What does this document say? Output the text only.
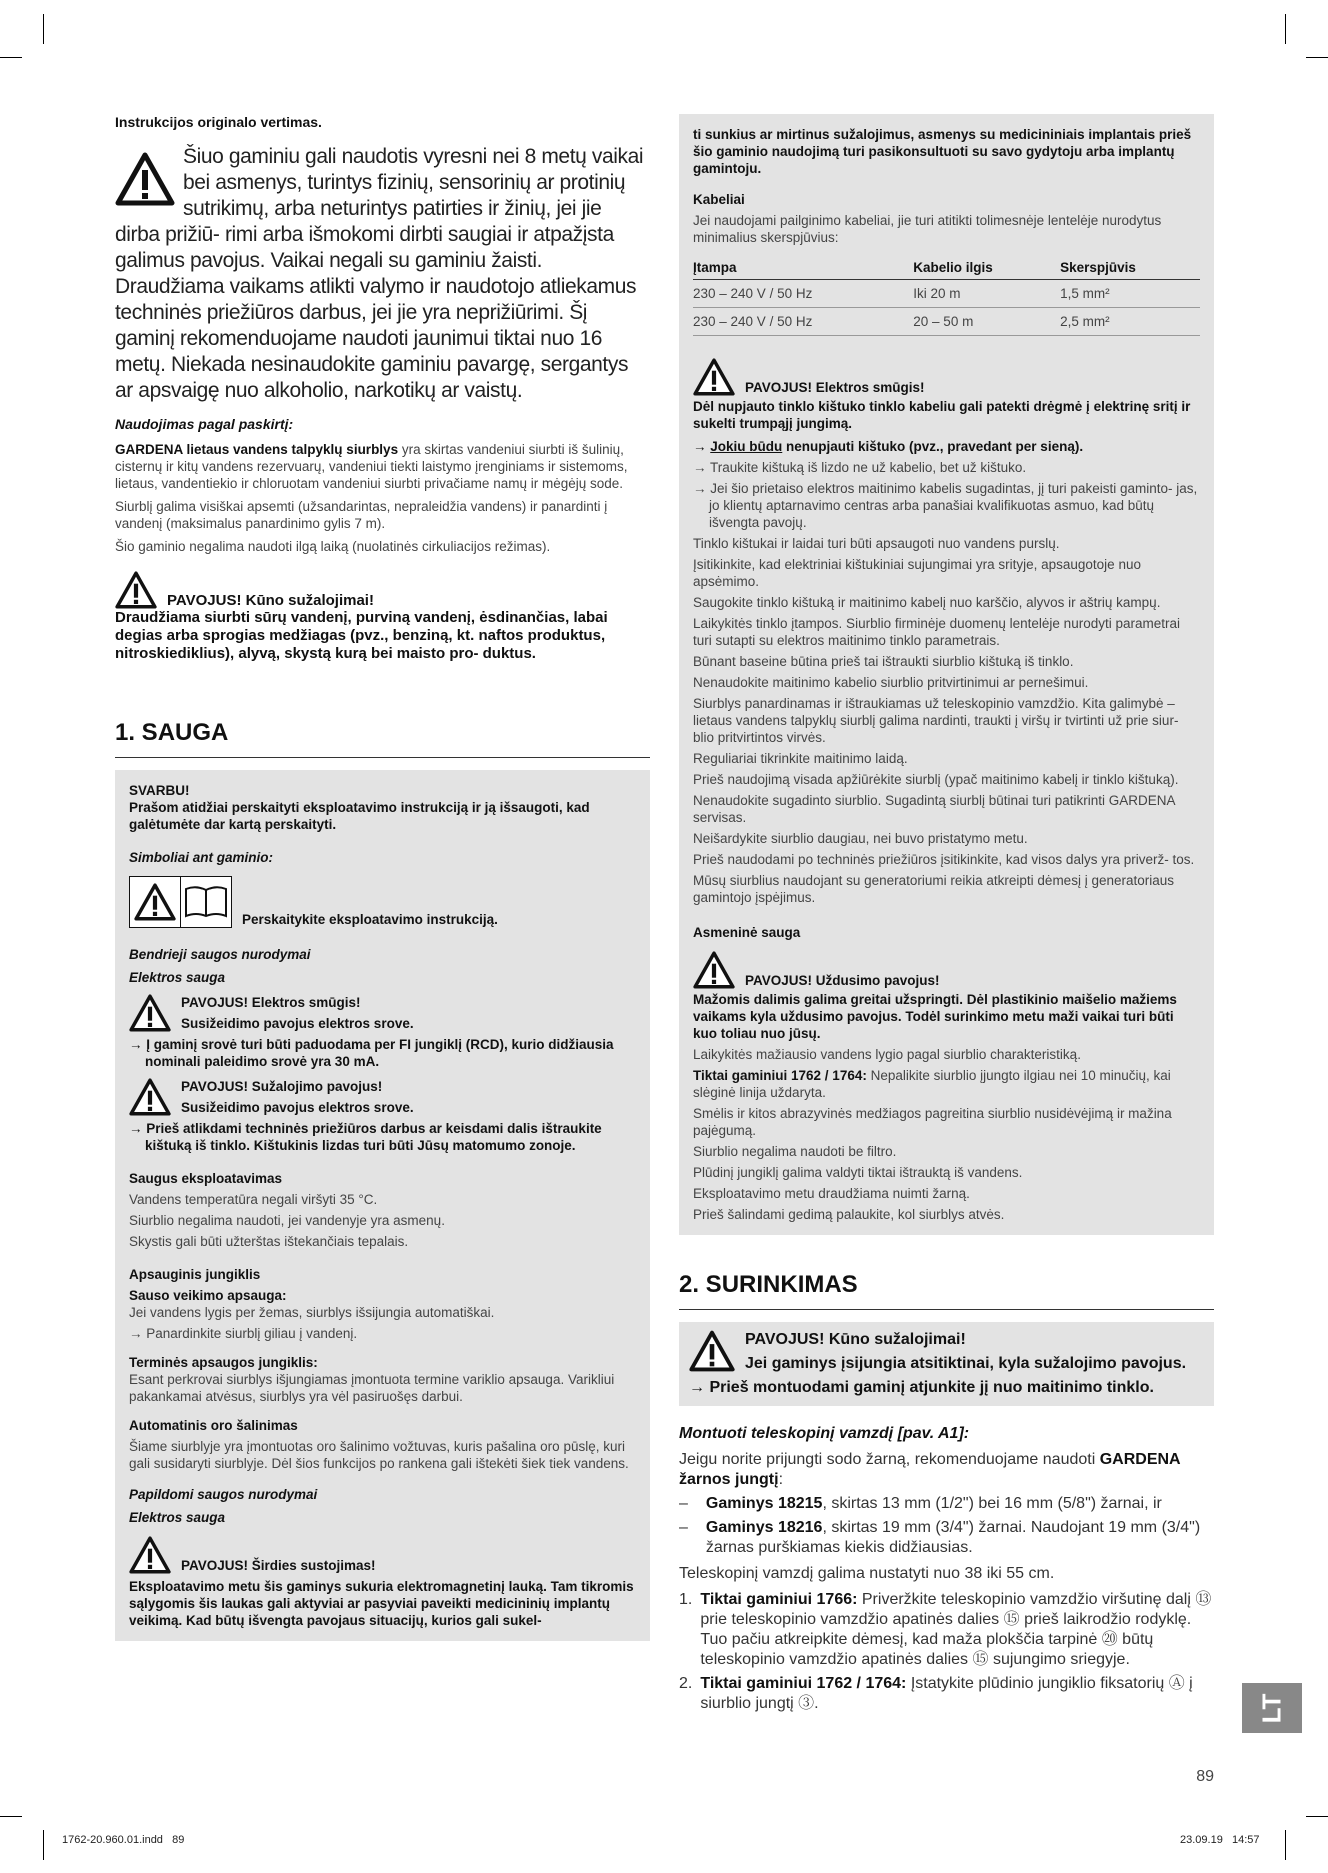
Instrukcijos originalo vertimas.

Šiuo gaminiu gali naudotis vyresni nei 8 metų vaikai bei asmenys, turintys fizinių, sensorinių ar protinių sutrikimų, arba neturintys patirties ir žinių, jei jie dirba prižiū- rimi arba išmokomi dirbti saugiai ir atpažįsta galimus pavojus. Vaikai negali su gaminiu žaisti. Draudžiama vaikams atlikti valymo ir naudotojo atliekamus techninės priežiūros darbus, jei jie yra neprižiūrimi. Šį gaminį rekomenduojame naudoti jaunimui tiktai nuo 16 metų. Niekada nesinaudokite gaminiu pavargę, sergantys ar apsvaigę nuo alkoholio, narkotikų ar vaistų.

Naudojimas pagal paskirtį:

GARDENA lietaus vandens talpyklų siurblys yra skirtas vandeniui siurbti iš šulinių, cisternų ir kitų vandens rezervuarų, vandeniui tiekti laistymo įrenginiams ir sistemoms, lietaus, vandentiekio ir chloruotam vandeniui siurbti privačiame namų ir mėgėjų sode.

Siurblį galima visiškai apsemti (užsandarintas, nepraleidžia vandens) ir panardinti į vandenį (maksimalus panardinimo gylis 7 m).

Šio gaminio negalima naudoti ilgą laiką (nuolatinės cirkuliacijos režimas).

PAVOJUS! Kūno sužalojimai!

Draudžiama siurbti sūrų vandenį, purviną vandenį, ėsdinančias, labai degias arba sprogias medžiagas (pvz., benziną, kt. naftos produktus, nitroskiediklius), alyvą, skystą kurą bei maisto pro- duktus.

1. SAUGA

SVARBU!

Prašom atidžiai perskaityti eksploatavimo instrukciją ir ją išsaugoti, kad galėtumėte dar kartą perskaityti.

Simboliai ant gaminio:

Perskaitykite eksploatavimo instrukciją.

Bendrieji saugos nurodymai

Elektros sauga

PAVOJUS! Elektros smūgis!

Susižeidimo pavojus elektros srove.

→ Į gaminį srovė turi būti paduodama per FI jungiklį (RCD), kurio didžiausia nominali paleidimo srovė yra 30 mA.

PAVOJUS! Sužalojimo pavojus!

Susižeidimo pavojus elektros srove.

→ Prieš atlikdami techninės priežiūros darbus ar keisdami dalis ištraukite kištuką iš tinklo. Kištukinis lizdas turi būti Jūsų matomumo zonoje.

Saugus eksploatavimas

Vandens temperatūra negali viršyti 35 °C.

Siurblio negalima naudoti, jei vandenyje yra asmenų.

Skystis gali būti užterštas ištekančiais tepalais.

Apsauginis jungiklis

Sauso veikimo apsauga:

Jei vandens lygis per žemas, siurblys išsijungia automatiškai.

→ Panardinkite siurblį giliau į vandenį.

Terminės apsaugos jungiklis:

Esant perkrovai siurblys išjungiamas įmontuota termine variklio apsauga. Varikliui pakankamai atvėsus, siurblys yra vėl pasiruošęs darbui.

Automatinis oro šalinimas

Šiame siurblyje yra įmontuotas oro šalinimo vožtuvas, kuris pašalina oro pūslę, kuri gali susidaryti siurblyje. Dėl šios funkcijos po rankena gali ištekėti šiek tiek vandens.

Papildomi saugos nurodymai

Elektros sauga

PAVOJUS! Širdies sustojimas!

Eksploatavimo metu šis gaminys sukuria elektromagnetinį lauką. Tam tikromis sąlygomis šis laukas gali aktyviai ar pasyviai paveikti medicininių implantų veikimą. Kad būtų išvengta pavojaus situacijų, kurios gali sukel-

ti sunkius ar mirtinus sužalojimus, asmenys su medicininiais implantais prieš šio gaminio naudojimą turi pasikonsultuoti su savo gydytoju arba implantų gamintoju.

Kabeliai

Jei naudojami pailginimo kabeliai, jie turi atitikti tolimesnėje lentelėje nurodytus minimalius skerspjūvius:

Įtampa	Kabelio ilgis	Skerspjūvis
230 – 240 V / 50 Hz	Iki 20 m	1,5 mm²
230 – 240 V / 50 Hz	20 – 50 m	2,5 mm²

PAVOJUS! Elektros smūgis!

Dėl nupjauto tinklo kištuko tinklo kabeliu gali patekti drėgmė į elektrinę sritį ir sukelti trumpąjį jungimą.

→ Jokiu būdu nenupjauti kištuko (pvz., pravedant per sieną).

→ Traukite kištuką iš lizdo ne už kabelio, bet už kištuko.

→ Jei šio prietaiso elektros maitinimo kabelis sugadintas, jį turi pakeisti gaminto- jas, jo klientų aptarnavimo centras arba panašiai kvalifikuotas asmuo, kad būtų išvengta pavojų.

Tinklo kištukai ir laidai turi būti apsaugoti nuo vandens purslų.

Įsitikinkite, kad elektriniai kištukiniai sujungimai yra srityje, apsaugotoje nuo apsėmimo.

Saugokite tinklo kištuką ir maitinimo kabelį nuo karščio, alyvos ir aštrių kampų.

Laikykitės tinklo įtampos. Siurblio firminėje duomenų lentelėje nurodyti parametrai turi sutapti su elektros maitinimo tinklo parametrais.

Būnant baseine būtina prieš tai ištraukti siurblio kištuką iš tinklo.

Nenaudokite maitinimo kabelio siurblio pritvirtinimui ar pernešimui.

Siurblys panardinamas ir ištraukiamas už teleskopinio vamzdžio. Kita galimybė – lietaus vandens talpyklų siurblį galima nardinti, traukti į viršų ir tvirtinti už prie siur- blio pritvirtintos virvės.

Reguliariai tikrinkite maitinimo laidą.

Prieš naudojimą visada apžiūrėkite siurblį (ypač maitinimo kabelį ir tinklo kištuką).

Nenaudokite sugadinto siurblio. Sugadintą siurblį būtinai turi patikrinti GARDENA servisas.

Neišardykite siurblio daugiau, nei buvo pristatymo metu.

Prieš naudodami po techninės priežiūros įsitikinkite, kad visos dalys yra priverž- tos.

Mūsų siurblius naudojant su generatoriumi reikia atkreipti dėmesį į generatoriaus gamintojo įspėjimus.

Asmeninė sauga

PAVOJUS! Uždusimo pavojus!

Mažomis dalimis galima greitai užspringti. Dėl plastikinio maišelio mažiems vaikams kyla uždusimo pavojus. Todėl surinkimo metu maži vaikai turi būti kuo toliau nuo jūsų.

Laikykitės mažiausio vandens lygio pagal siurblio charakteristiką.

Tiktai gaminiui 1762 / 1764: Nepalikite siurblio įjungto ilgiau nei 10 minučių, kai slėginė linija uždaryta.

Smėlis ir kitos abrazyvinės medžiagos pagreitina siurblio nusidėvėjimą ir mažina pajėgumą.

Siurblio negalima naudoti be filtro.

Plūdinį jungiklį galima valdyti tiktai ištrauktą iš vandens.

Eksploatavimo metu draudžiama nuimti žarną.

Prieš šalindami gedimą palaukite, kol siurblys atvės.

2. SURINKIMAS

PAVOJUS! Kūno sužalojimai!

Jei gaminys įsijungia atsitiktinai, kyla sužalojimo pavojus.

→ Prieš montuodami gaminį atjunkite jį nuo maitinimo tinklo.

Montuoti teleskopinį vamzdį [pav. A1]:

Jeigu norite prijungti sodo žarną, rekomenduojame naudoti GARDENA žarnos jungtį:

– Gaminys 18215, skirtas 13 mm (1/2") bei 16 mm (5/8") žarnai, ir

– Gaminys 18216, skirtas 19 mm (3/4") žarnai. Naudojant 19 mm (3/4") žarnas purškiamas kiekis didžiausias.

Teleskopinį vamzdį galima nustatyti nuo 38 iki 55 cm.

1. Tiktai gaminiui 1766: Priveržkite teleskopinio vamzdžio viršutinę dalį ⑬ prie teleskopinio vamzdžio apatinės dalies ⑮ prieš laikrodžio rodyklę. Tuo pačiu atkreipkite dėmesį, kad maža plokščia tarpinė ⑳ būtų teleskopinio vamzdžio apatinės dalies ⑮ sujungimo sriegyje.

2. Tiktai gaminiui 1762 / 1764: Įstatykite plūdinio jungiklio fiksatorių Ⓐ į siurblio jungtį ③.	LT
89
1762-20.960.01.indd   89	23.09.19   14:57
